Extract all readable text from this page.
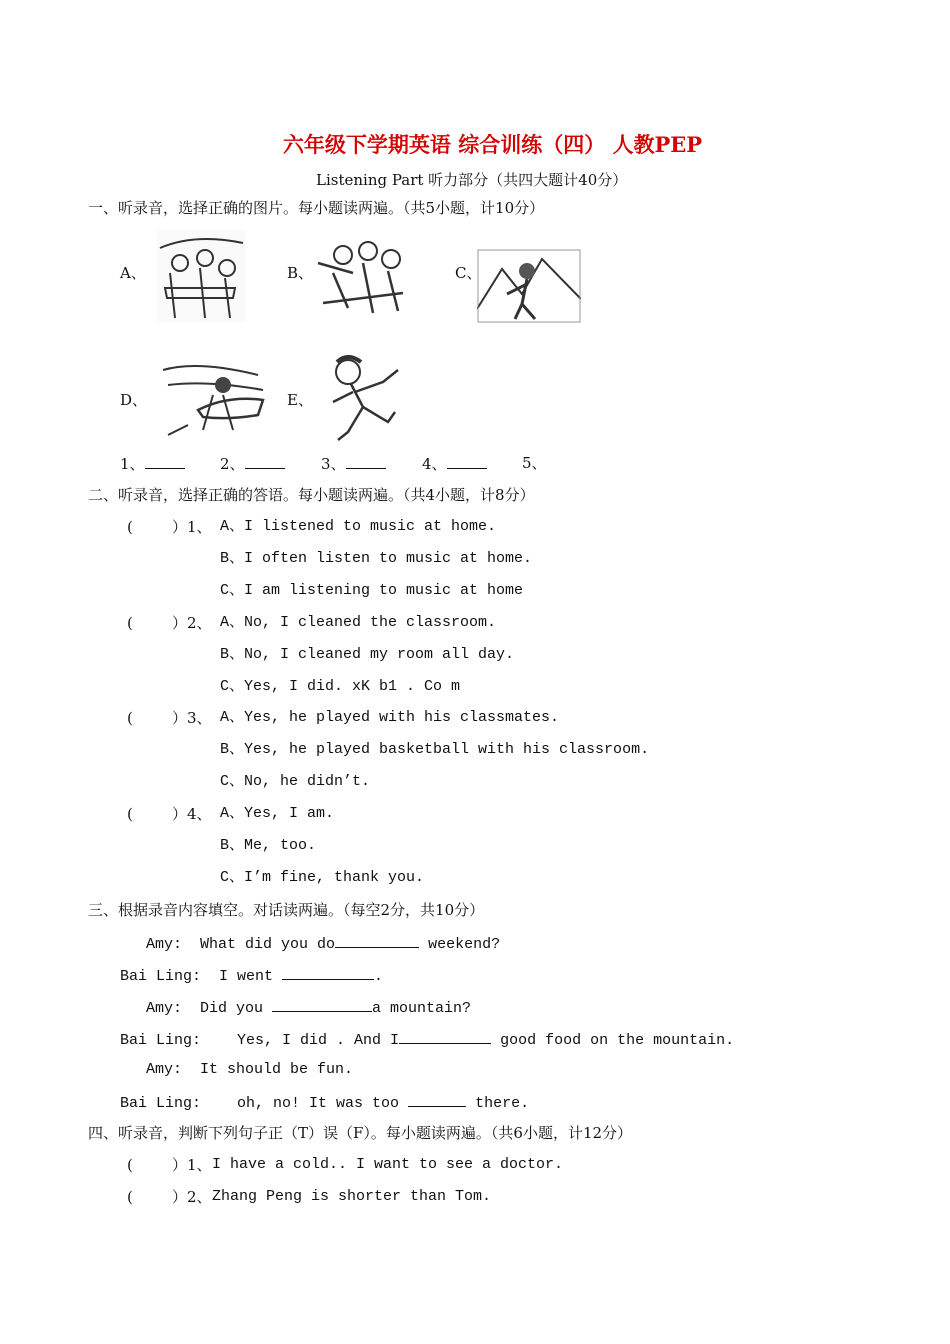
六年级下学期英语 综合训练（四） 人教PEP
Listening Part 听力部分（共四大题计40分）
一、听录音，选择正确的图片。每小题读两遍。（共5小题，计10分）
A、	B、	C、
D、	E、
1、	2、	3、	4、	5、
二、听录音，选择正确的答语。每小题读两遍。（共4小题，计8分）
(	）1、 A、I listened to music at home.
B、I often listen to music at home.
C、I am listening to music at home
(	）2、 A、No, I cleaned the classroom.
B、No, I cleaned my room all day.
C、Yes, I did. xK b1 . Co m
(	）3、 A、Yes, he played with his classmates.
B、Yes, he played basketball with his classroom.
C、No, he didn’t.
(	）4、 A、Yes, I am.
B、Me, too.
C、I’m fine, thank you.
三、根据录音内容填空。对话读两遍。（每空2分，共10分）
Amy: What did you do	weekend?
Bai Ling: I went	.
Amy: Did you	a mountain?
Bai Ling: Yes, I did . And I	good food on the mountain.
Amy: It should be fun.
Bai Ling: oh, no! It was too	there.
四、听录音，判断下列句子正（T）误（F）。每小题读两遍。（共6小题，计12分）
(	）1、 I have a cold.. I want to see a doctor.
(	）2、 Zhang Peng is shorter than Tom.
